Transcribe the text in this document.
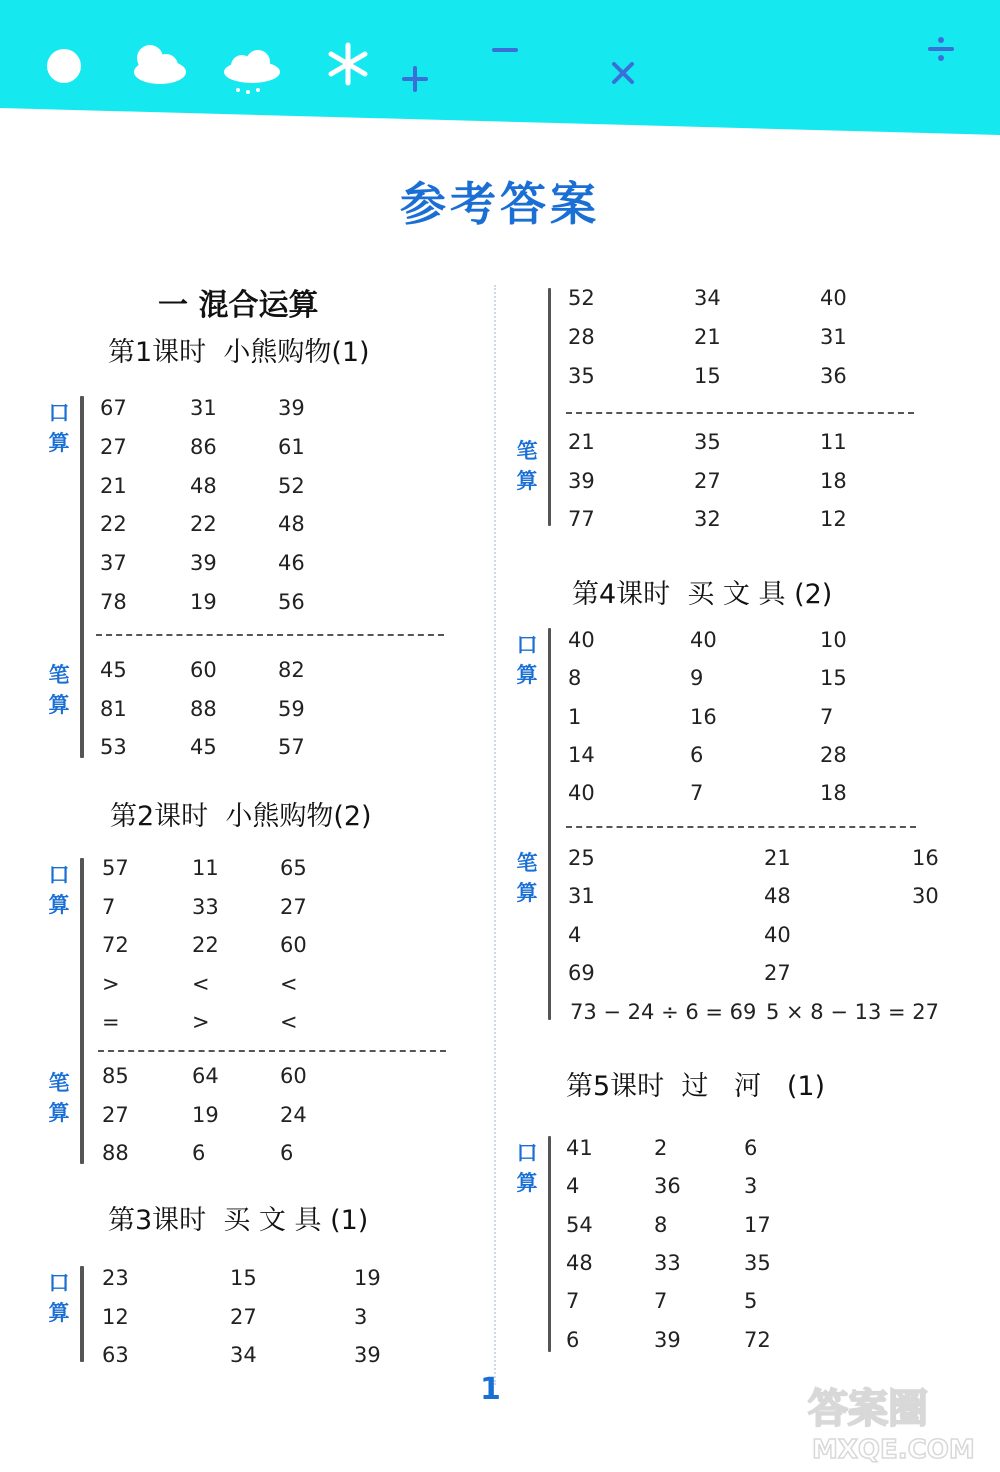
参考答案
一 混合运算
第1课时  小熊购物(1)
口
算
笔
算
67	31	39
27	86	61
21	48	52
22	22	48
37	39	46
78	19	56
45	60	82
81	88	59
53	45	57
第2课时  小熊购物(2)
口
算
笔
算
57	11	65
7	33	27
72	22	60
>	<	<
=	>	<
85	64	60
27	19	24
88	6	6
第3课时  买 文 具 (1)
口
算
23	15	19
12	27	3
63	34	39
52	34	40
28	21	31
35	15	36
笔
算
21	35	11
39	27	18
77	32	12
第4课时  买 文 具 (2)
口
算
40	40	10
8	9	15
1	16	7
14	6	28
40	7	18
笔
算
25	21	16
31	48	30
4	40
69	27
73 − 24 ÷ 6 = 69 5 × 8 − 13 = 27
第5课时  过   河   (1)
口
算
41	2	6
4	36	3
54	8	17
48	33	35
7	7	5
6	39	72
1	答案圈
MXQE.COM
